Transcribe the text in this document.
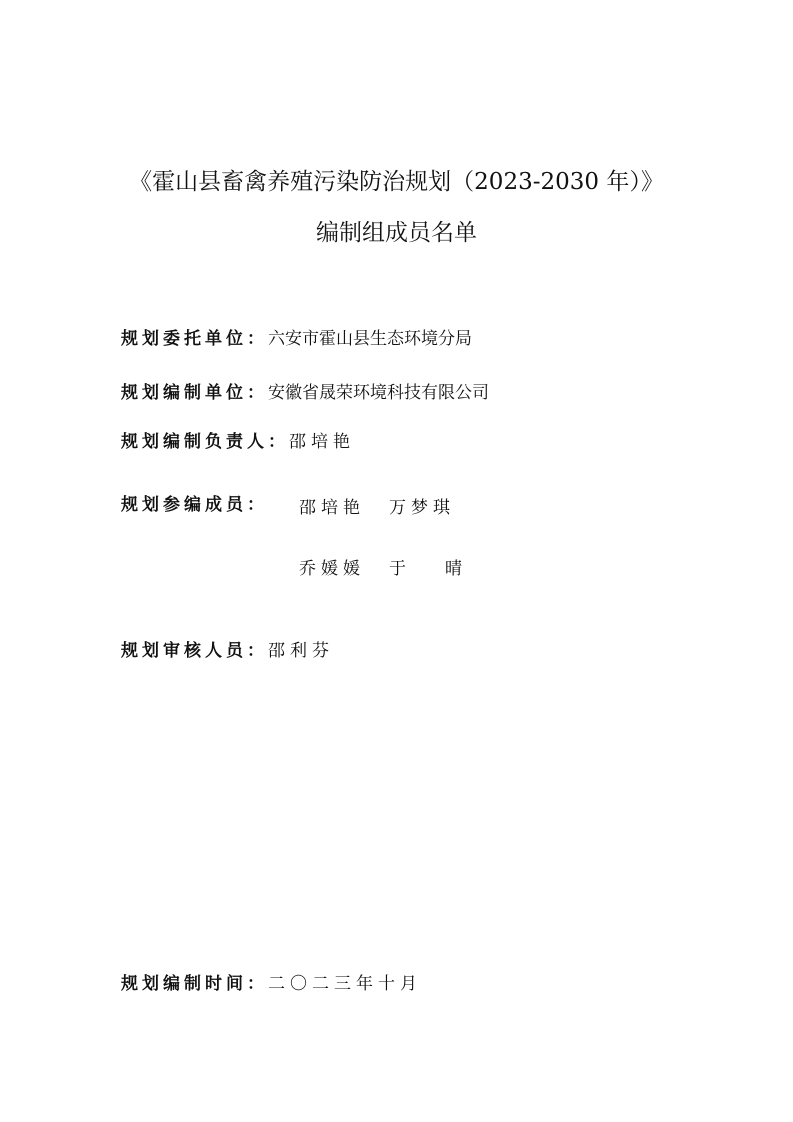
《霍山县畜禽养殖污染防治规划（2023-2030 年）》
编制组成员名单
规划委托单位： 六安市霍山县生态环境分局
规划编制单位： 安徽省晟荣环境科技有限公司
规划编制负责人： 邵培艳
规划参编成员： 邵培艳 万梦琪
乔媛媛 于 晴
规划审核人员： 邵利芬
规划编制时间： 二〇二三年十月
